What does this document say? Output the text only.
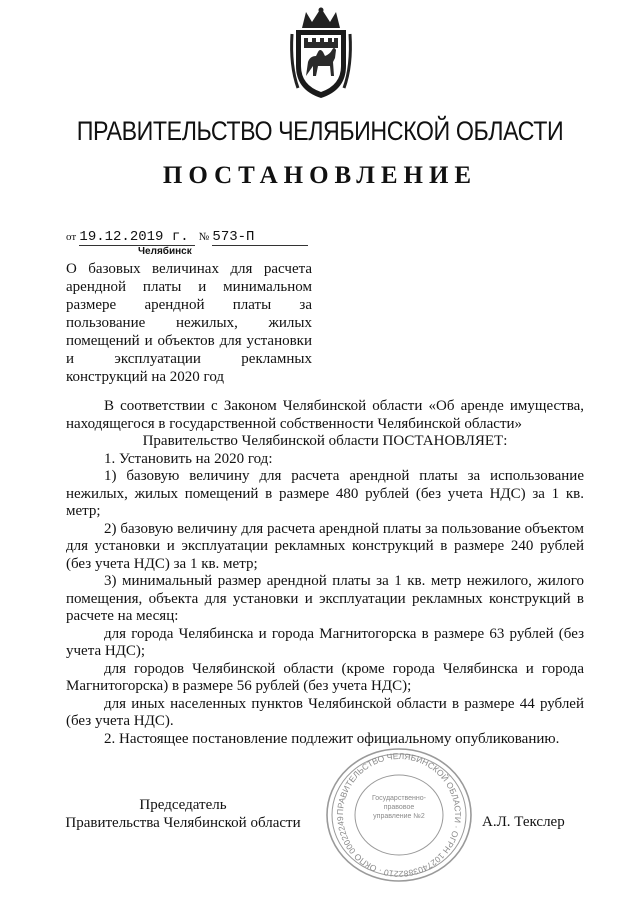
ПРАВИТЕЛЬСТВО ЧЕЛЯБИНСКОЙ ОБЛАСТИ
ПОСТАНОВЛЕНИЕ
от 19.12.2019 г. № 573-П
Челябинск
О базовых величинах для расчета арендной платы и минимальном размере арендной платы за пользование нежилых, жилых помещений и объектов для установки и эксплуатации рекламных конструкций на 2020 год

В соответствии с Законом Челябинской области «Об аренде имущества, находящегося в государственной собственности Челябинской области»

Правительство Челябинской области ПОСТАНОВЛЯЕТ:

1. Установить на 2020 год:

1) базовую величину для расчета арендной платы за использование нежилых, жилых помещений в размере 480 рублей (без учета НДС) за 1 кв. метр;

2) базовую величину для расчета арендной платы за пользование объектом для установки и эксплуатации рекламных конструкций в размере 240 рублей (без учета НДС) за 1 кв. метр;

3) минимальный размер арендной платы за 1 кв. метр нежилого, жилого помещения, объекта для установки и эксплуатации рекламных конструкций в расчете на месяц:

для города Челябинска и города Магнитогорска в размере 63 рублей (без учета НДС);

для городов Челябинской области (кроме города Челябинска и города Магнитогорска) в размере 56 рублей (без учета НДС);

для иных населенных пунктов Челябинской области в размере 44 рублей (без учета НДС).

2. Настоящее постановление подлежит официальному опубликованию.

Председатель
Правительства Челябинской области	А.Л. Текслер
ПРАВИТЕЛЬСТВО ЧЕЛЯБИНСКОЙ ОБЛАСТИ · ОГРН 1027403882210 · ОКПО 00022249
Государственно-правовое управление №2
